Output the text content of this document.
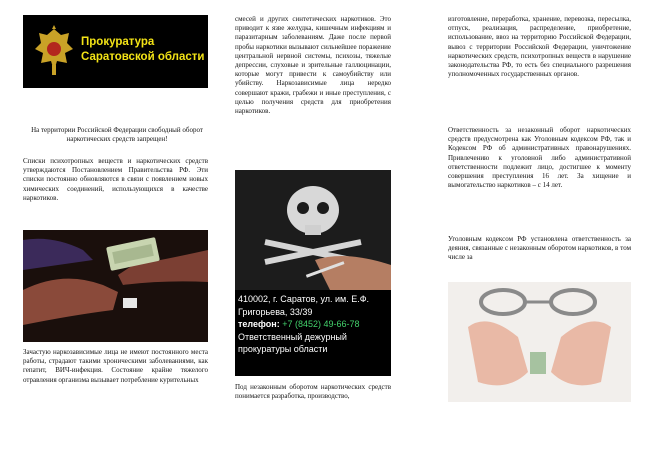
Прокуратура
Саратовской области

На территории Российской Федерации свободный оборот наркотических средств запрещен!

Списки психотропных веществ и наркотических средств утверждаются Постановлением Правительства РФ. Эти списки постоянно обновляются в связи с появлением новых химических соединений, использующихся в качестве наркотиков.

Зачастую наркозависимые лица не имеют постоянного места работы, страдают такими хроническими заболеваниями, как гепатит, ВИЧ-инфекция. Состояние крайне тяжелого отравления организма вызывает потребление курительных

смесей и других синтетических наркотиков. Это приводит к язве желудка, кишечным инфекциям и паразитарным заболеваниям. Даже после первой пробы наркотики вызывают сильнейшее поражение центральной нервной системы, психозы, тяжелые депрессии, слуховые и зрительные галлюцинации, которые могут привести к самоубийству или убийству. Наркозависимые лица нередко совершают кражи, грабежи и иные преступления, с целью получения средств для приобретения наркотиков.

410002, г. Саратов, ул. им. Е.Ф. Григорьева, 33/39
телефон: +7 (8452) 49-66-78
Ответственный дежурный прокуратуры области

Под незаконным оборотом наркотических средств понимается разработка, производство,

изготовление, переработка, хранение, перевозка, пересылка, отпуск, реализация, распределение, приобретение, использование, ввоз на территорию Российской Федерации, вывоз с территории Российской Федерации, уничтожение наркотических средств, психотропных веществ в нарушение законодательства РФ, то есть без специального разрешения уполномоченных государственных органов.

Ответственность за незаконный оборот наркотических средств предусмотрена как Уголовным кодексом РФ, так и Кодексом РФ об административных правонарушениях. Привлечению к уголовной либо административной ответственности подлежит лицо, достигшее к моменту совершения преступления 16 лет. За хищение и вымогательство наркотиков – с 14 лет.

Уголовным кодексом РФ установлена ответственность за деяния, связанные с незаконным оборотом наркотиков, в том числе за
